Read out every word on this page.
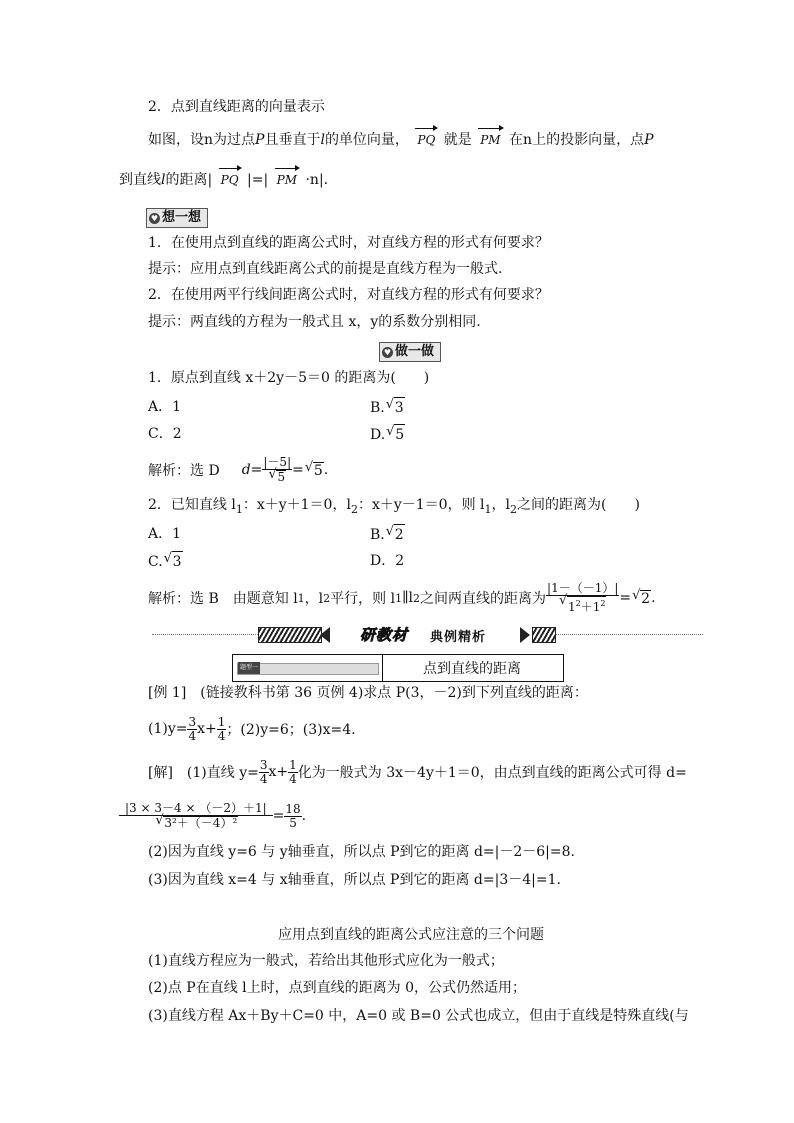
2．点到直线距离的向量表示
如图，设n为过点P且垂直于l的单位向量， PQ 就是 PM 在n上的投影向量，点P
到直线l的距离| PQ |=| PM ·n|.
♥ 想一想
1．在使用点到直线的距离公式时，对直线方程的形式有何要求？
提示：应用点到直线距离公式的前提是直线方程为一般式.
2．在使用两平行线间距离公式时，对直线方程的形式有何要求？
提示：两直线的方程为一般式且 x，y的系数分别相同.
♥ 做一做
1．原点到直线 x＋2y－5＝0 的距离为(　　)
A．1	B. √ 3
C．2	D. √ 5
解析：选 D　 d = |－5|
√ 5 = √ 5 .
2．已知直线 $l_1$：x＋y＋1＝0，$l_2$：x＋y－1＝0，则 $l_1$，$l_2$之间的距离为(　　)
A．1	B. √ 2
C. √ 3	D．2
解析：选 B　由题意知 l 1 ，l 2 平行，则 l 1 ∥l 2 之间两直线的距离为 |1－（－1）|
√ $1^2+1^2$ = √ 2 .
研教材 典例精析
题型一	点到直线的距离
[例 1]　(链接教科书第 36 页例 4)求点 P(3，－2)到下列直线的距离：
$(1)y= \frac{3}{4} x+ \frac{1}{4}$ ；(2)y=6；(3)x=4.
[解]　(1)直线 $y= \frac{3}{4} x+ \frac{1}{4}$ 化为一般式为 3x－4y＋1＝0，由点到直线的距离公式可得 d=
|3 × 3－4 × （－2）＋1|
√ $3^2+(-4)^2 = \frac{18}{5}$ .
(2)因为直线 y=6 与 y轴垂直，所以点 P到它的距离 d=|－2－6|=8.
(3)因为直线 x=4 与 x轴垂直，所以点 P到它的距离 d=|3－4|=1.
应用点到直线的距离公式应注意的三个问题
(1)直线方程应为一般式，若给出其他形式应化为一般式；
(2)点 P在直线 l上时，点到直线的距离为 0，公式仍然适用；
(3)直线方程 Ax＋By＋C=0 中，A=0 或 B=0 公式也成立，但由于直线是特殊直线(与
